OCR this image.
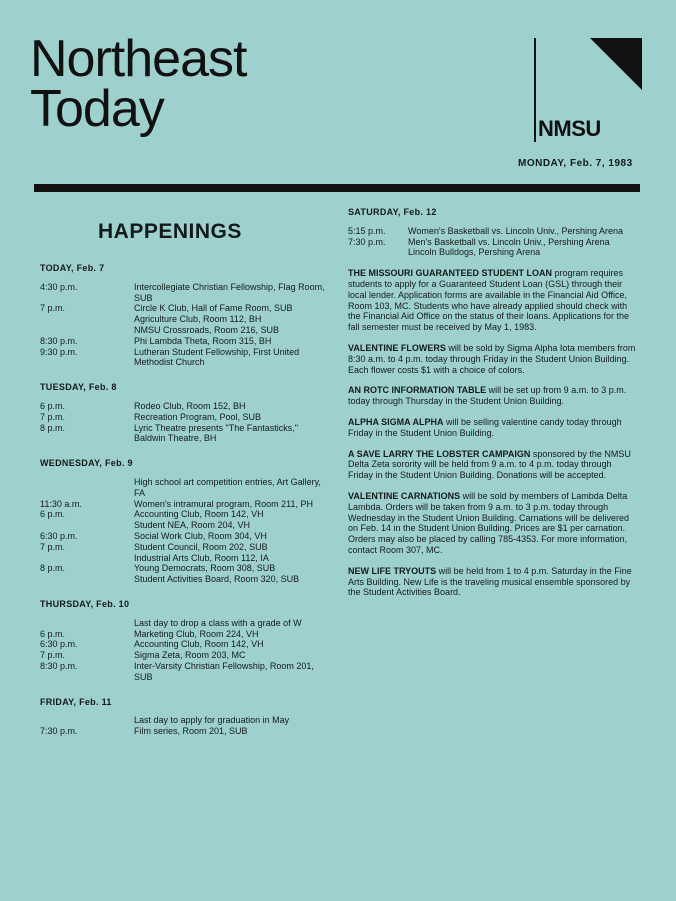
Northeast
Today	NMSU
MONDAY, Feb. 7, 1983
HAPPENINGS
TODAY, Feb. 7
4:30 p.m.	Intercollegiate Christian Fellowship, Flag Room, SUB
7 p.m.	Circle K Club, Hall of Fame Room, SUB
Agriculture Club, Room 112, BH
NMSU Crossroads, Room 216, SUB
8:30 p.m.	Phi Lambda Theta, Room 315, BH
9:30 p.m.	Lutheran Student Fellowship, First United Methodist Church
TUESDAY, Feb. 8
6 p.m.	Rodeo Club, Room 152, BH
7 p.m.	Recreation Program, Pool, SUB
8 p.m.	Lyric Theatre presents "The Fantasticks," Baldwin Theatre, BH
WEDNESDAY, Feb. 9
High school art competition entries, Art Gallery, FA
11:30 a.m.	Women's intramural program, Room 211, PH
6 p.m.	Accounting Club, Room 142, VH
Student NEA, Room 204, VH
6:30 p.m.	Social Work Club, Room 304, VH
7 p.m.	Student Council, Room 202, SUB
Industrial Arts Club, Room 112, IA
8 p.m.	Young Democrats, Room 308, SUB
Student Activities Board, Room 320, SUB
THURSDAY, Feb. 10
Last day to drop a class with a grade of W
6 p.m.	Marketing Club, Room 224, VH
6:30 p.m.	Accounting Club, Room 142, VH
7 p.m.	Sigma Zeta, Room 203, MC
8:30 p.m.	Inter-Varsity Christian Fellowship, Room 201, SUB
FRIDAY, Feb. 11
Last day to apply for graduation in May
7:30 p.m.	Film series, Room 201, SUB
SATURDAY, Feb. 12
5:15 p.m.	Women's Basketball vs. Lincoln Univ., Pershing Arena
7:30 p.m.	Men's Basketball vs. Lincoln Univ., Pershing Arena
Lincoln Bulldogs, Pershing Arena

THE MISSOURI GUARANTEED STUDENT LOAN program requires students to apply for a Guaranteed Student Loan (GSL) through their local lender. Application forms are available in the Financial Aid Office, Room 103, MC. Students who have already applied should check with the Financial Aid Office on the status of their loans. Applications for the fall semester must be received by May 1, 1983.

VALENTINE FLOWERS will be sold by Sigma Alpha Iota members from 8:30 a.m. to 4 p.m. today through Friday in the Student Union Building. Each flower costs $1 with a choice of colors.

AN ROTC INFORMATION TABLE will be set up from 9 a.m. to 3 p.m. today through Thursday in the Student Union Building.

ALPHA SIGMA ALPHA will be selling valentine candy today through Friday in the Student Union Building.

A SAVE LARRY THE LOBSTER CAMPAIGN sponsored by the NMSU Delta Zeta sorority will be held from 9 a.m. to 4 p.m. today through Friday in the Student Union Building. Donations will be accepted.

VALENTINE CARNATIONS will be sold by members of Lambda Delta Lambda. Orders will be taken from 9 a.m. to 3 p.m. today through Wednesday in the Student Union Building. Carnations will be delivered on Feb. 14 in the Student Union Building. Prices are $1 per carnation. Orders may also be placed by calling 785-4353. For more information, contact Room 307, MC.

NEW LIFE TRYOUTS will be held from 1 to 4 p.m. Saturday in the Fine Arts Building. New Life is the traveling musical ensemble sponsored by the Student Activities Board.
